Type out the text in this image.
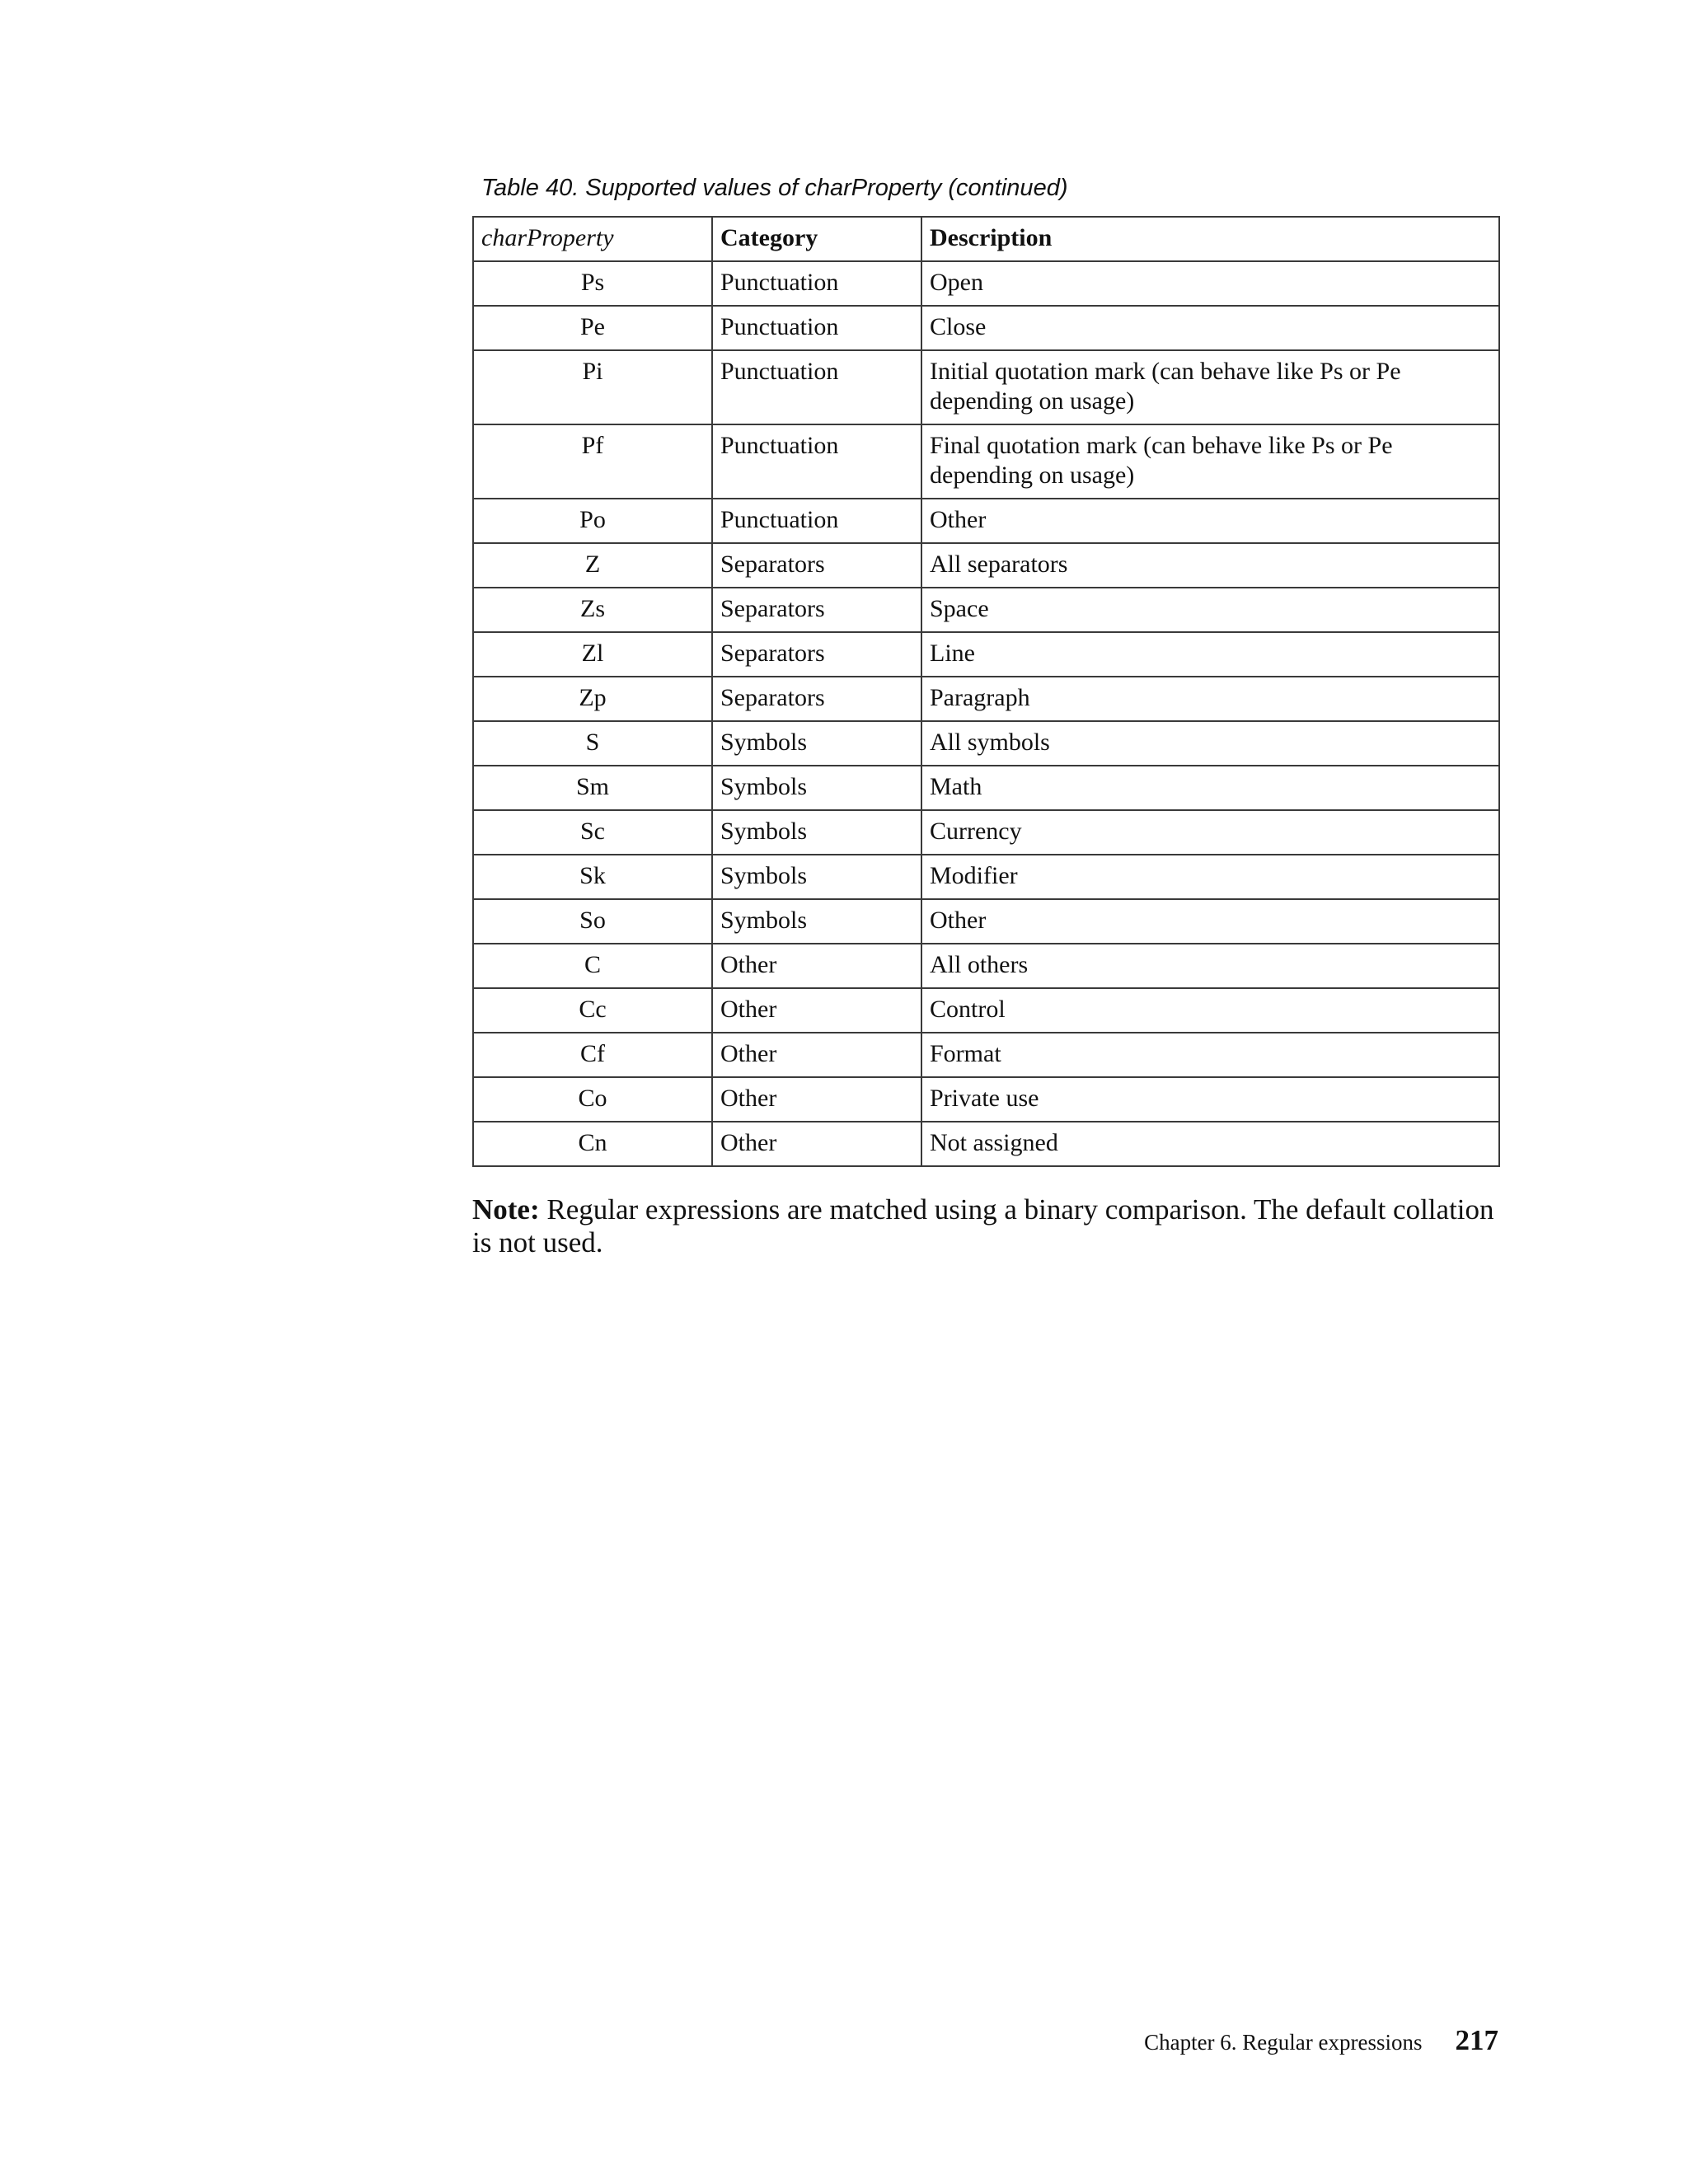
Table 40. Supported values of charProperty (continued)
charProperty	Category	Description
Ps	Punctuation	Open
Pe	Punctuation	Close
Pi	Punctuation	Initial quotation mark (can behave like Ps or Pe depending on usage)
Pf	Punctuation	Final quotation mark (can behave like Ps or Pe depending on usage)
Po	Punctuation	Other
Z	Separators	All separators
Zs	Separators	Space
Zl	Separators	Line
Zp	Separators	Paragraph
S	Symbols	All symbols
Sm	Symbols	Math
Sc	Symbols	Currency
Sk	Symbols	Modifier
So	Symbols	Other
C	Other	All others
Cc	Other	Control
Cf	Other	Format
Co	Other	Private use
Cn	Other	Not assigned
Note: Regular expressions are matched using a binary comparison. The default collation is not used.
Chapter 6. Regular expressions 217
